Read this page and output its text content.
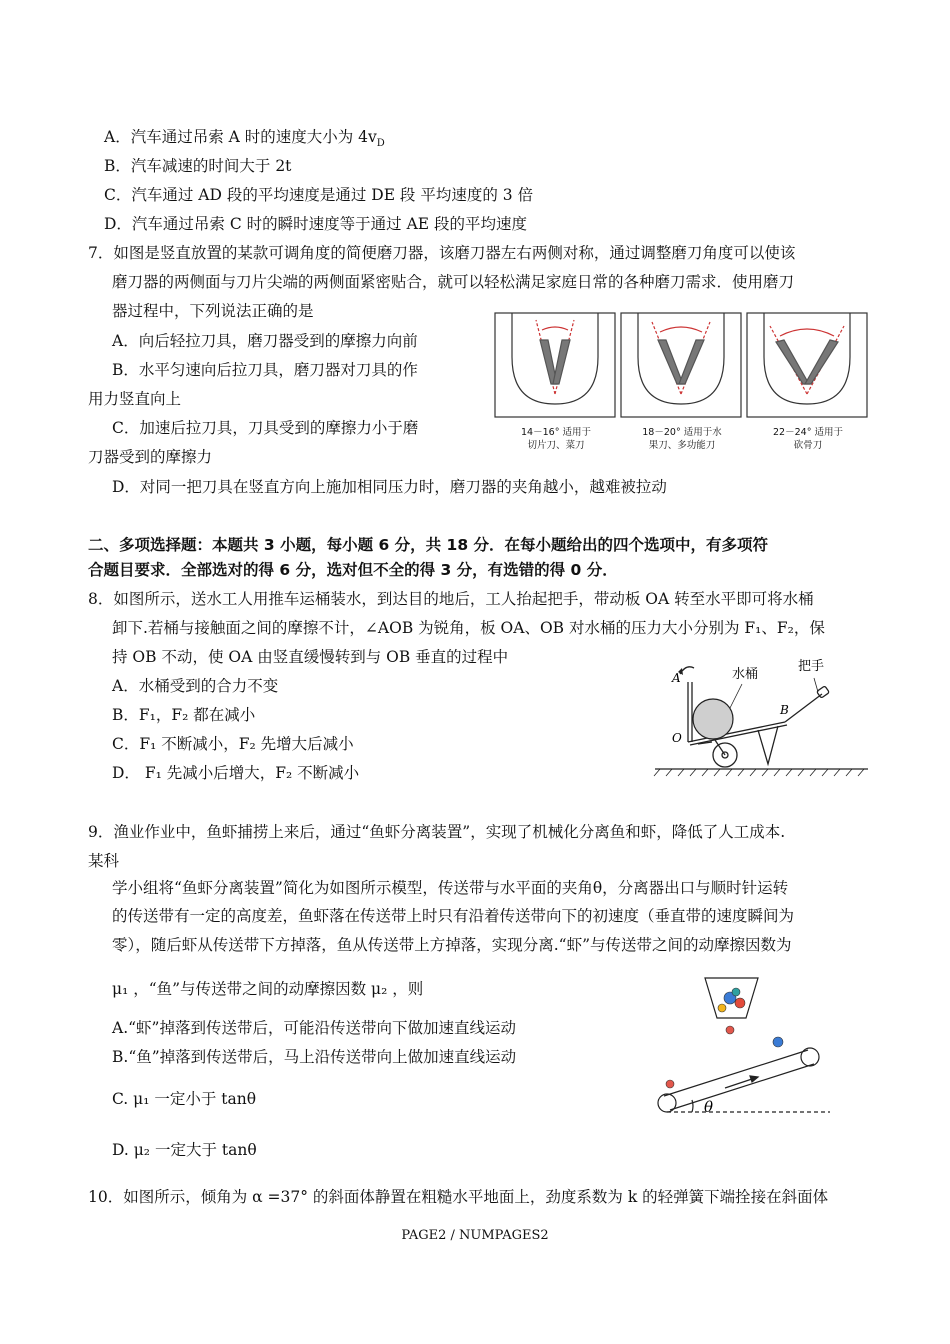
A．汽车通过吊索 A 时的速度大小为 $4v_D$
B．汽车减速的时间大于 2t
C．汽车通过 AD 段的平均速度是通过 DE 段 平均速度的 3 倍
D．汽车通过吊索 C 时的瞬时速度等于通过 AE 段的平均速度
7．如图是竖直放置的某款可调角度的简便磨刀器，该磨刀器左右两侧对称，通过调整磨刀角度可以使该
磨刀器的两侧面与刀片尖端的两侧面紧密贴合，就可以轻松满足家庭日常的各种磨刀需求．使用磨刀
器过程中，下列说法正确的是
A．向后轻拉刀具，磨刀器受到的摩擦力向前
B．水平匀速向后拉刀具，磨刀器对刀具的作
用力竖直向上
C．加速后拉刀具，刀具受到的摩擦力小于磨
刀器受到的摩擦力
D．对同一把刀具在竖直方向上施加相同压力时，磨刀器的夹角越小，越难被拉动
14－16° 适用于
切片刀、菜刀
18－20° 适用于水
果刀、多功能刀
22－24° 适用于
砍骨刀
二、多项选择题：本题共 3 小题，每小题 6 分，共 18 分．在每小题给出的四个选项中，有多项符
合题目要求．全部选对的得 6 分，选对但不全的得 3 分，有选错的得 0 分．
8．如图所示，送水工人用推车运桶装水，到达目的地后，工人抬起把手，带动板 OA 转至水平即可将水桶
卸下.若桶与接触面之间的摩擦不计，∠AOB 为锐角，板 OA、OB 对水桶的压力大小分别为 F₁、F₂，保
持 OB 不动，使 OA 由竖直缓慢转到与 OB 垂直的过程中
A．水桶受到的合力不变
B．F₁，F₂ 都在减小
C．F₁ 不断减小，F₂ 先增大后减小
D． F₁ 先减小后增大，F₂ 不断减小
水桶
把手
A
B
O
9．渔业作业中，鱼虾捕捞上来后，通过“鱼虾分离装置”，实现了机械化分离鱼和虾，降低了人工成本.
某科
学小组将“鱼虾分离装置”简化为如图所示模型，传送带与水平面的夹角θ，分离器出口与顺时针运转
的传送带有一定的高度差，鱼虾落在传送带上时只有沿着传送带向下的初速度（垂直带的速度瞬间为
零），随后虾从传送带下方掉落，鱼从传送带上方掉落，实现分离.“虾”与传送带之间的动摩擦因数为
μ₁ ，“鱼”与传送带之间的动摩擦因数 μ₂ ，则
A.“虾”掉落到传送带后，可能沿传送带向下做加速直线运动
B.“鱼”掉落到传送带后，马上沿传送带向上做加速直线运动
C. μ₁ 一定小于 tanθ
D. μ₂ 一定大于 tanθ
θ
10．如图所示，倾角为 α =37° 的斜面体静置在粗糙水平地面上，劲度系数为 k 的轻弹簧下端拴接在斜面体
PAGE2 / NUMPAGES2
